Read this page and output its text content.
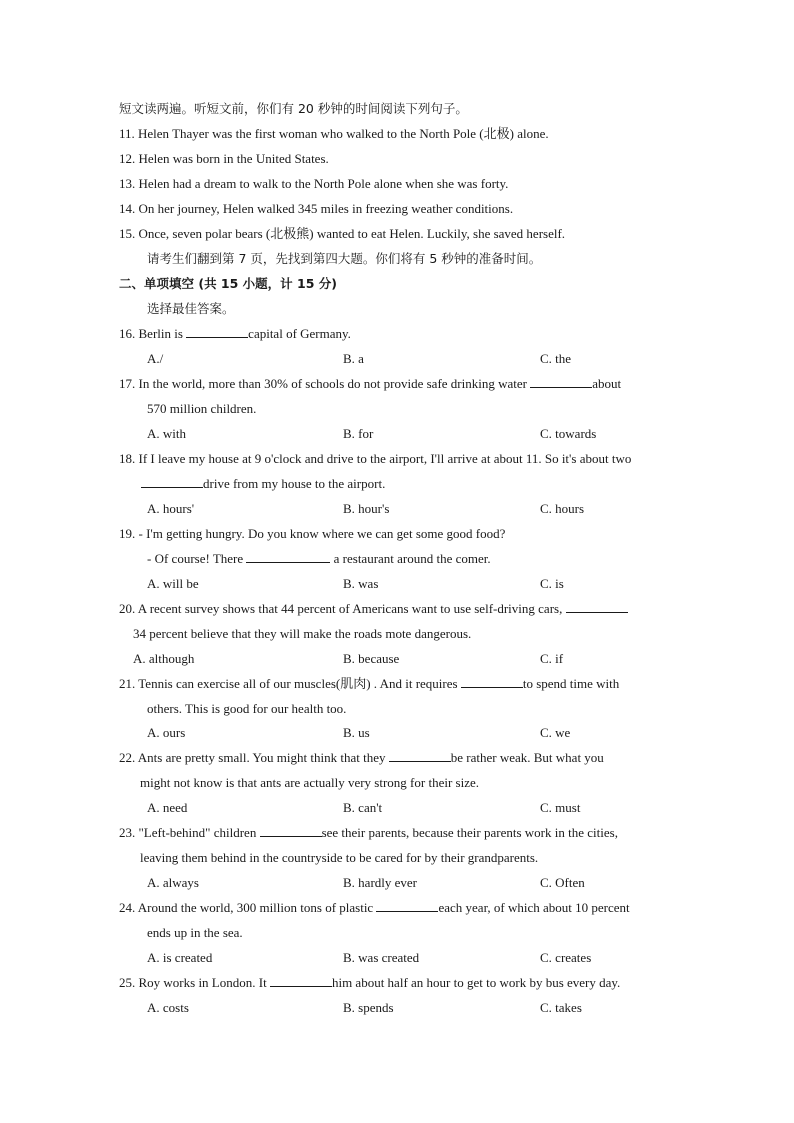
短文读两遍。听短文前，你们有 20 秒钟的时间阅读下列句子。
11. Helen Thayer was the first woman who walked to the North Pole (北极) alone.
12. Helen was born in the United States.
13. Helen had a dream to walk to the North Pole alone when she was forty.
14. On her journey, Helen walked 345 miles in freezing weather conditions.
15. Once, seven polar bears (北极熊) wanted to eat Helen. Luckily, she saved herself.
请考生们翻到第 7 页，先找到第四大题。你们将有 5 秒钟的准备时间。
二、单项填空 (共 15 小题，计 15 分)
选择最佳答案。
16. Berlin is	capital of Germany.
A./	B. a	C. the
17. In the world, more than 30% of schools do not provide safe drinking water	about
570 million children.
A. with	B. for	C. towards
18. If I leave my house at 9 o'clock and drive to the airport, I'll arrive at about 11. So it's about two
drive from my house to the airport.
A. hours'	B. hour's	C. hours
19. - I'm getting hungry. Do you know where we can get some good food?
- Of course! There	a restaurant around the comer.
A. will be	B. was	C. is
20. A recent survey shows that 44 percent of Americans want to use self-driving cars,
34 percent believe that they will make the roads mote dangerous.
A. although	B. because	C. if
21. Tennis can exercise all of our muscles(肌肉) . And it requires	to spend time with
others. This is good for our health too.
A. ours	B. us	C. we
22. Ants are pretty small. You might think that they	be rather weak. But what you
might not know is that ants are actually very strong for their size.
A. need	B. can't	C. must
23. "Left-behind" children	see their parents, because their parents work in the cities,
leaving them behind in the countryside to be cared for by their grandparents.
A. always	B. hardly ever	C. Often
24. Around the world, 300 million tons of plastic	each year, of which about 10 percent
ends up in the sea.
A. is created	B. was created	C. creates
25. Roy works in London. It	him about half an hour to get to work by bus every day.
A. costs	B. spends	C. takes
